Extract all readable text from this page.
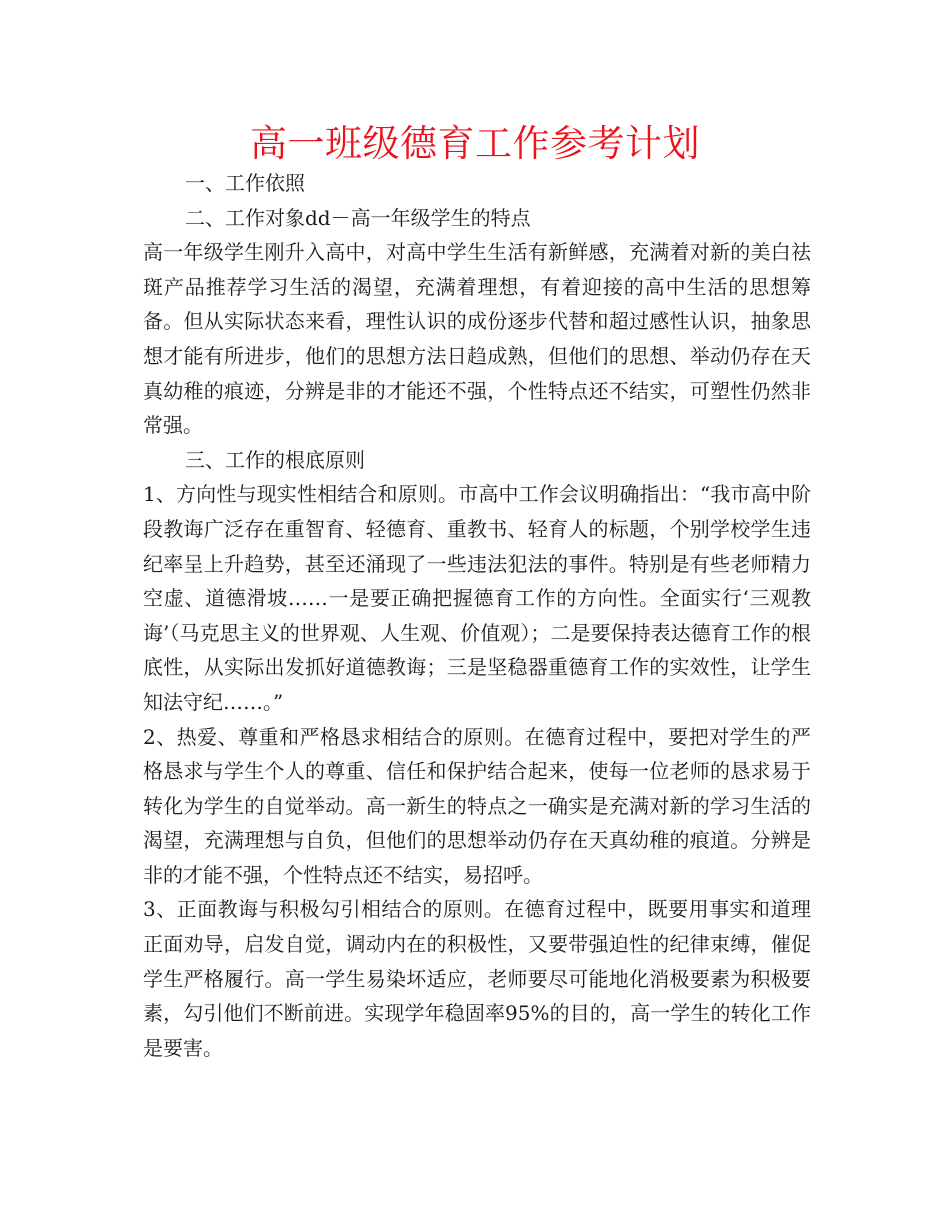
高一班级德育工作参考计划

一、工作依照

二、工作对象dd－高一年级学生的特点

高一年级学生刚升入高中，对高中学生生活有新鲜感，充满着对新的美白祛斑产品推荐学习生活的渴望，充满着理想，有着迎接的高中生活的思想筹备。但从实际状态来看，理性认识的成份逐步代替和超过感性认识，抽象思想才能有所进步，他们的思想方法日趋成熟，但他们的思想、举动仍存在天真幼稚的痕迹，分辨是非的才能还不强，个性特点还不结实，可塑性仍然非常强。

三、工作的根底原则

1、方向性与现实性相结合和原则。市高中工作会议明确指出：“我市高中阶段教诲广泛存在重智育、轻德育、重教书、轻育人的标题，个别学校学生违纪率呈上升趋势，甚至还涌现了一些违法犯法的事件。特别是有些老师精力空虚、道德滑坡……一是要正确把握德育工作的方向性。全面实行‘三观教诲’（马克思主义的世界观、人生观、价值观）；二是要保持表达德育工作的根底性，从实际出发抓好道德教诲；三是坚稳器重德育工作的实效性，让学生知法守纪……。”

2、热爱、尊重和严格恳求相结合的原则。在德育过程中，要把对学生的严格恳求与学生个人的尊重、信任和保护结合起来，使每一位老师的恳求易于转化为学生的自觉举动。高一新生的特点之一确实是充满对新的学习生活的渴望，充满理想与自负，但他们的思想举动仍存在天真幼稚的痕道。分辨是非的才能不强，个性特点还不结实，易招呼。

3、正面教诲与积极勾引相结合的原则。在德育过程中，既要用事实和道理正面劝导，启发自觉，调动内在的积极性，又要带强迫性的纪律束缚，催促学生严格履行。高一学生易染坏适应，老师要尽可能地化消极要素为积极要素，勾引他们不断前进。实现学年稳固率95%的目的，高一学生的转化工作是要害。
